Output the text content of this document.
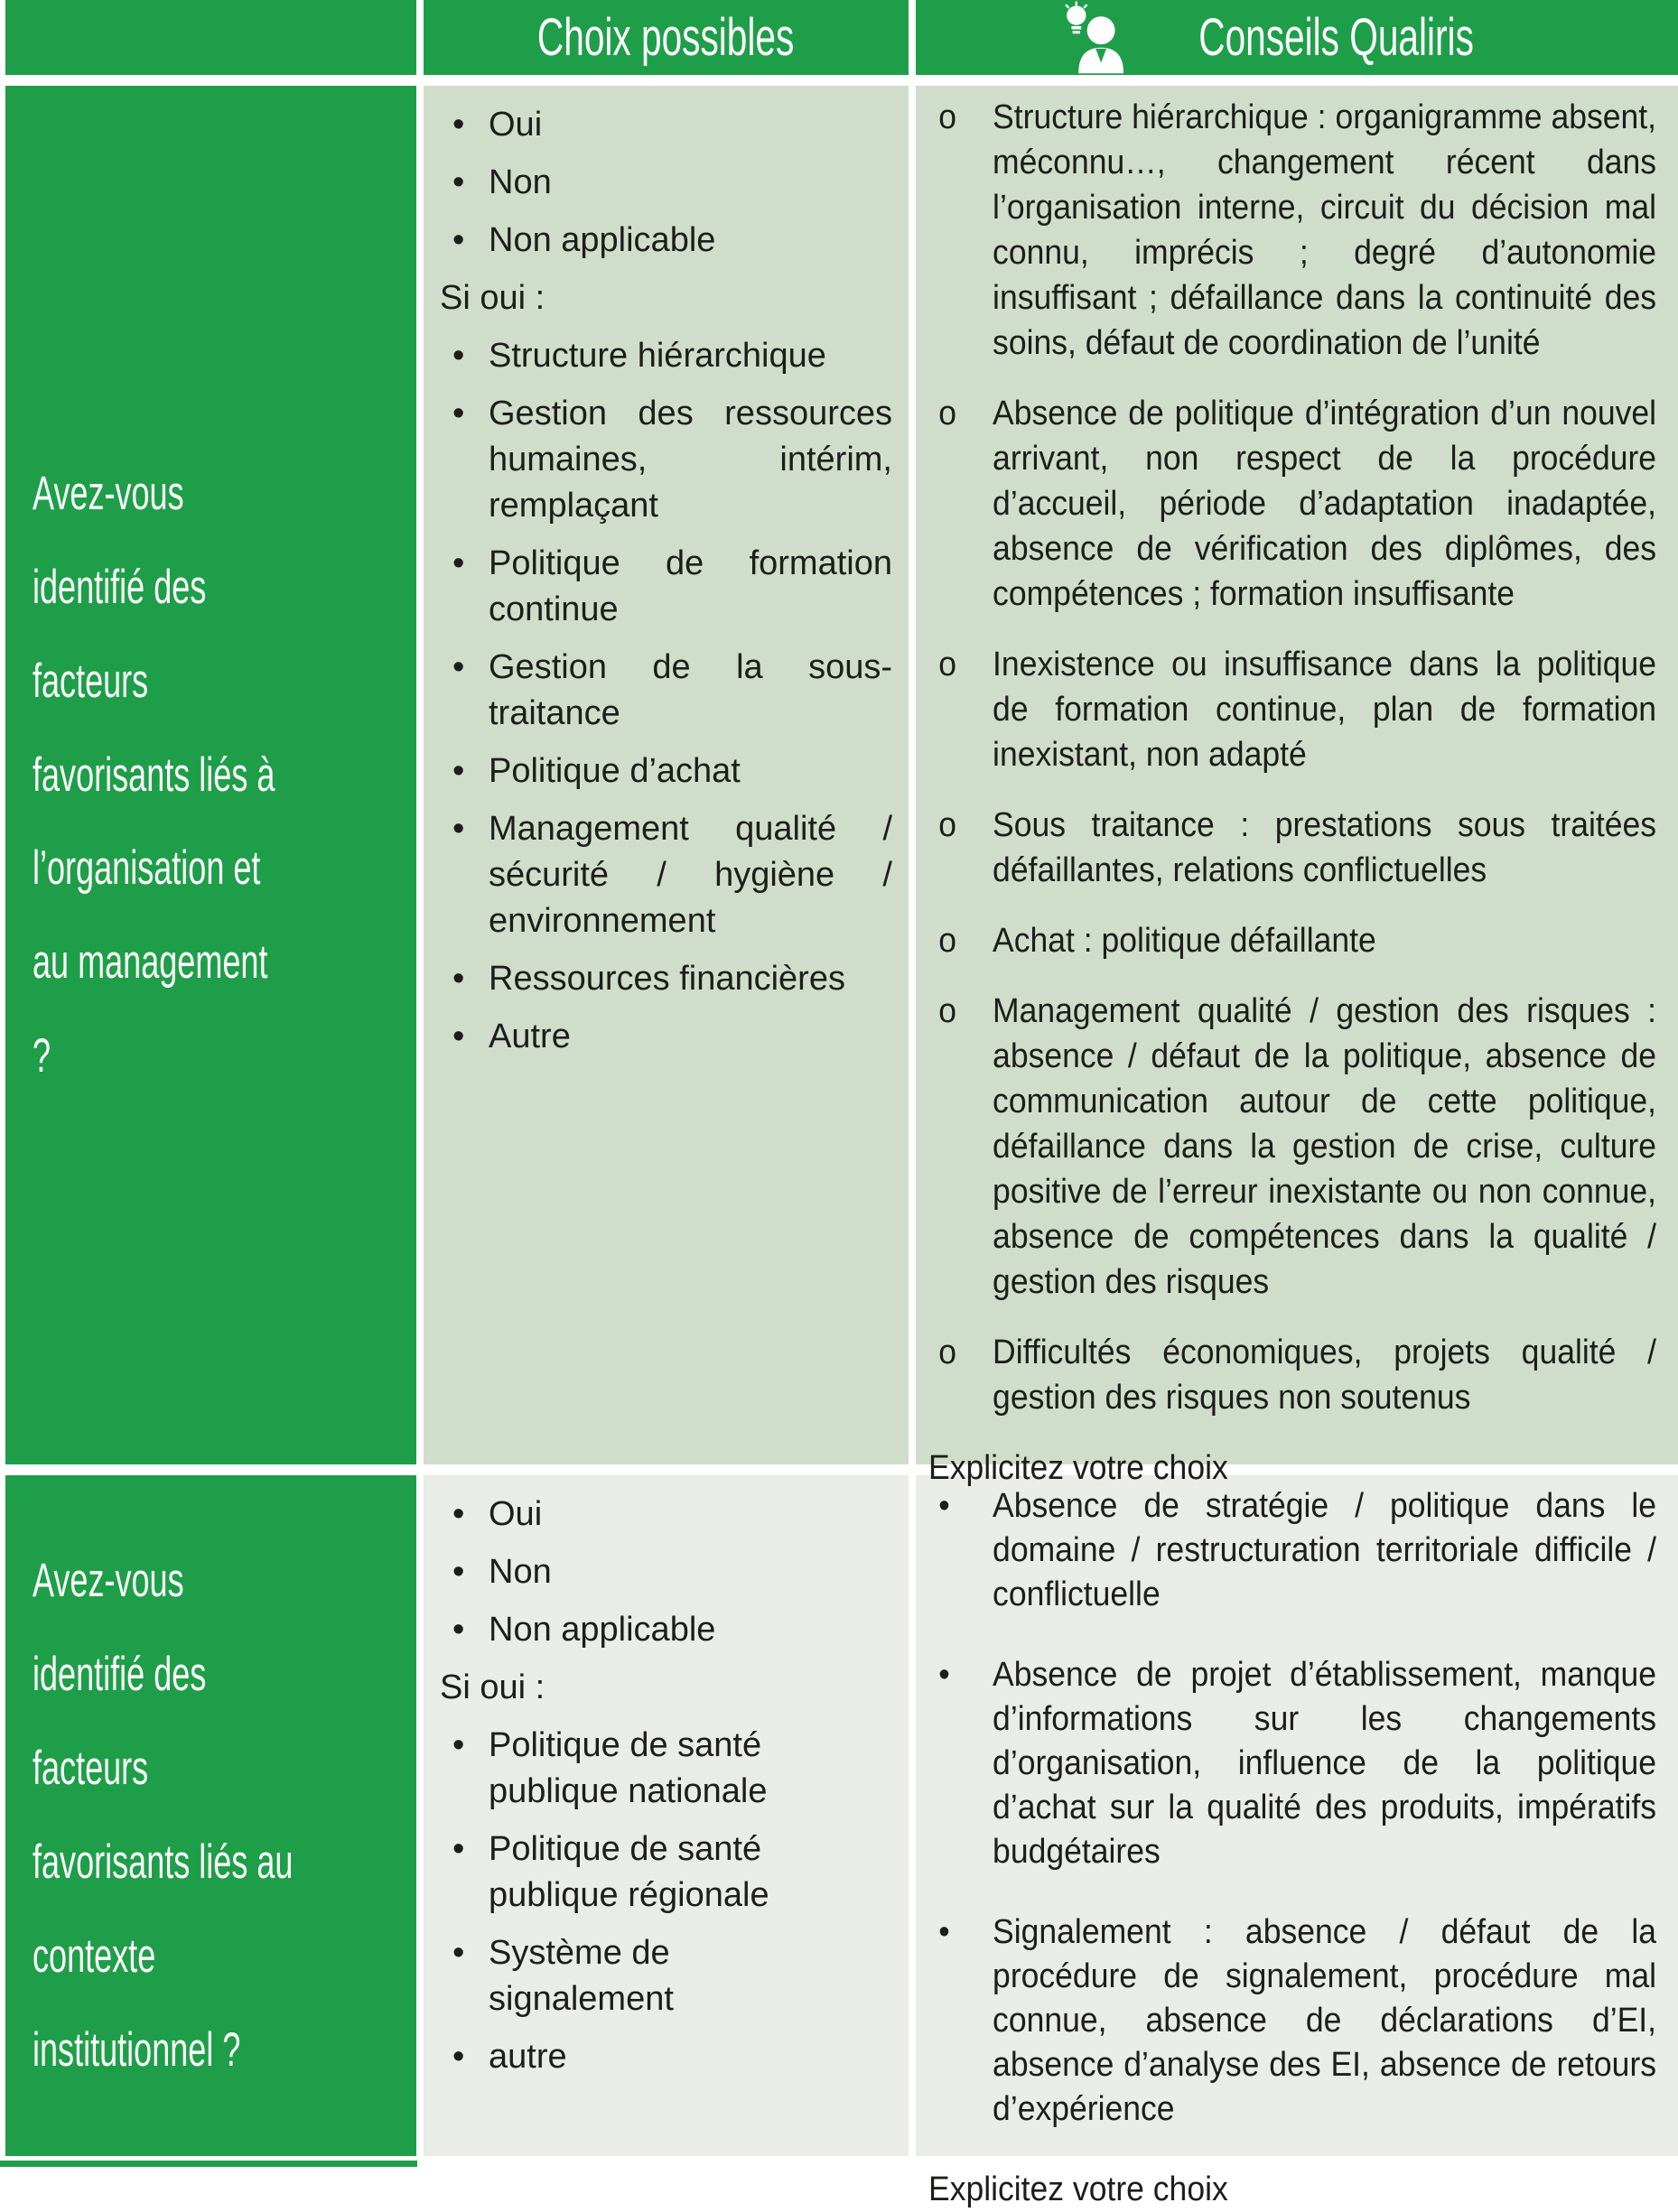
Choix possibles	Conseils Qualiris
Avez-vous identifié des facteurs favorisants liés à l’organisation et au management ?
• Oui
• Non
• Non applicable
Si oui :
• Structure hiérarchique
• Gestion des ressources humaines, intérim, remplaçant
• Politique de formation continue
• Gestion de la sous-traitance
• Politique d’achat
• Management qualité / sécurité / hygiène / environnement
• Ressources financières
• Autre
o Structure hiérarchique : organigramme absent, méconnu…, changement récent dans l’organisation interne, circuit du décision mal connu, imprécis ; degré d’autonomie insuffisant ; défaillance dans la continuité des soins, défaut de coordination de l’unité
o Absence de politique d’intégration d’un nouvel arrivant, non respect de la procédure d’accueil, période d’adaptation inadaptée, absence de vérification des diplômes, des compétences ; formation insuffisante
o Inexistence ou insuffisance dans la politique de formation continue, plan de formation inexistant, non adapté
o Sous traitance : prestations sous traitées défaillantes, relations conflictuelles
o Achat : politique défaillante
o Management qualité / gestion des risques : absence / défaut de la politique, absence de communication autour de cette politique, défaillance dans la gestion de crise, culture positive de l’erreur inexistante ou non connue, absence de compétences dans la qualité / gestion des risques
o Difficultés économiques, projets qualité / gestion des risques non soutenus
Explicitez votre choix
Avez-vous identifié des facteurs favorisants liés au contexte institutionnel ?
• Oui
• Non
• Non applicable
Si oui :
• Politique de santé publique nationale
• Politique de santé publique régionale
• Système de signalement
• autre
• Absence de stratégie / politique dans le domaine / restructuration territoriale difficile / conflictuelle
• Absence de projet d’établissement, manque d’informations sur les changements d’organisation, influence de la politique d’achat sur la qualité des produits, impératifs budgétaires
• Signalement : absence / défaut de la procédure de signalement, procédure mal connue, absence de déclarations d’EI, absence d’analyse des EI, absence de retours d’expérience
Explicitez votre choix
